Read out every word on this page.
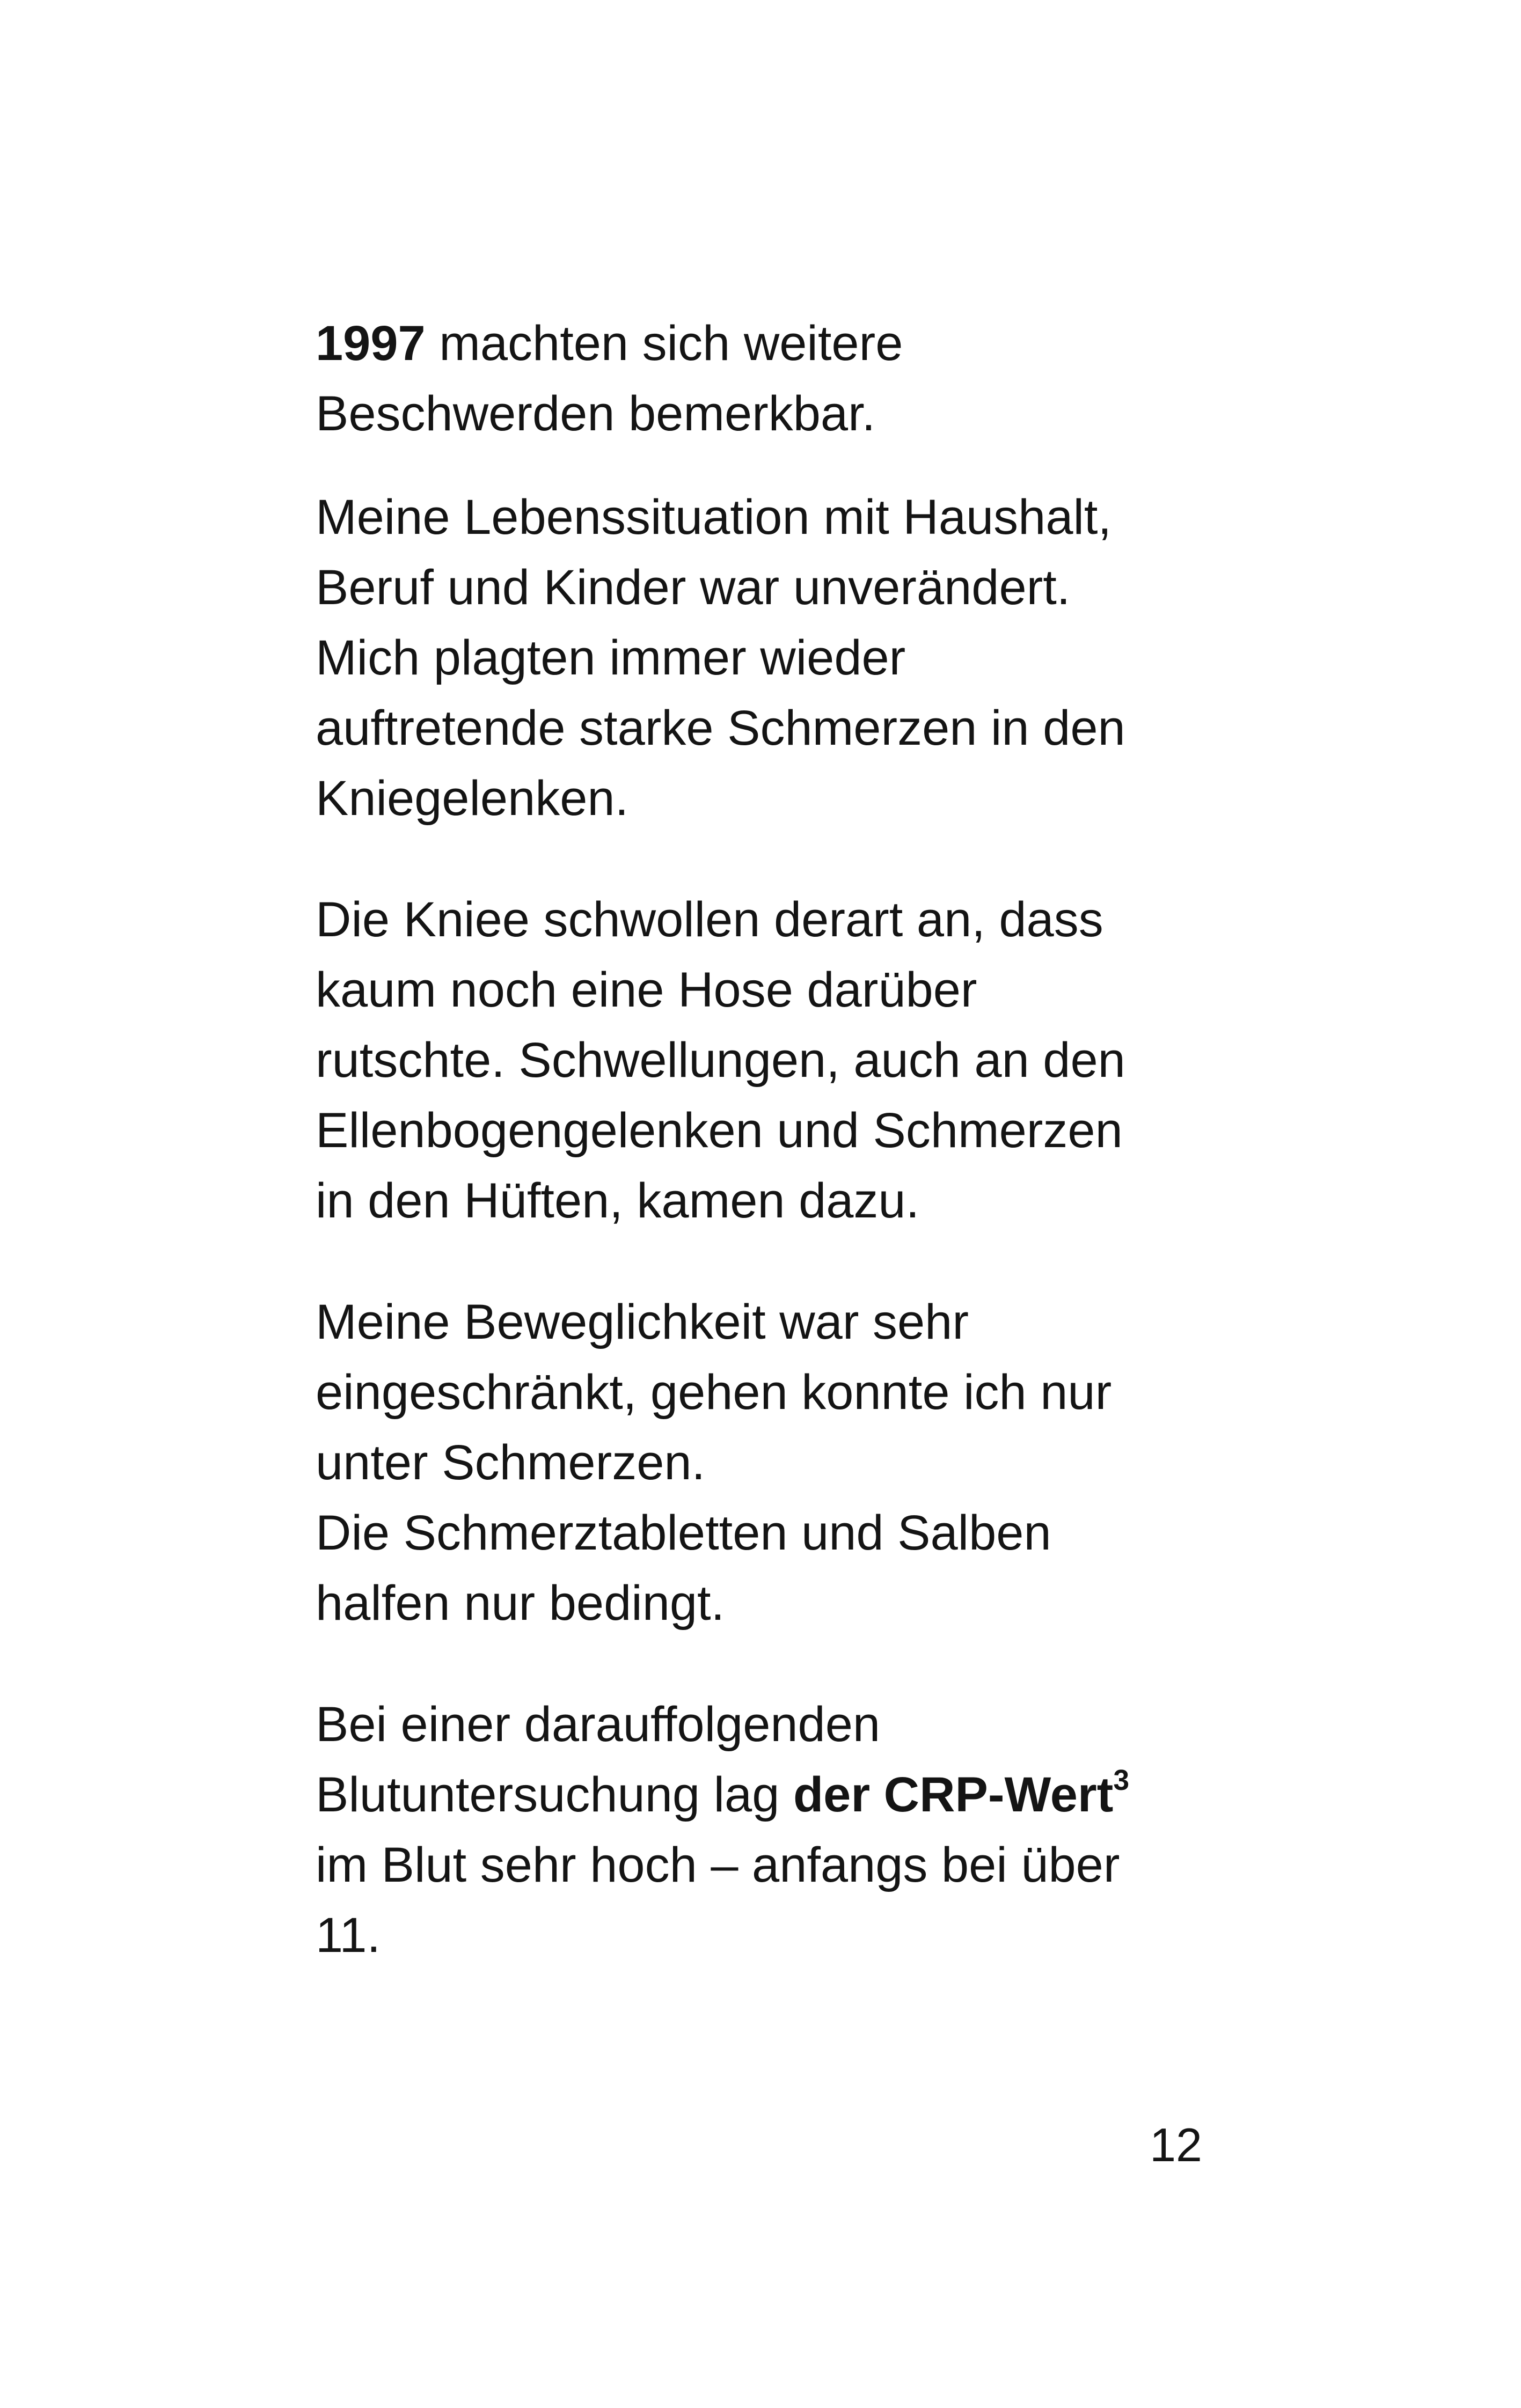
1997 machten sich weitere
Beschwerden bemerkbar.

Meine Lebenssituation mit Haushalt,
Beruf und Kinder war unverändert.
Mich plagten immer wieder
auftretende starke Schmerzen in den
Kniegelenken.

Die Kniee schwollen derart an, dass
kaum noch eine Hose darüber
rutschte. Schwellungen, auch an den
Ellenbogengelenken und Schmerzen
in den Hüften, kamen dazu.

Meine Beweglichkeit war sehr
eingeschränkt, gehen konnte ich nur
unter Schmerzen.
Die Schmerztabletten und Salben
halfen nur bedingt.

Bei einer darauffolgenden
Blutuntersuchung lag der CRP-Wert$^3$
im Blut sehr hoch – anfangs bei über
11.

12
